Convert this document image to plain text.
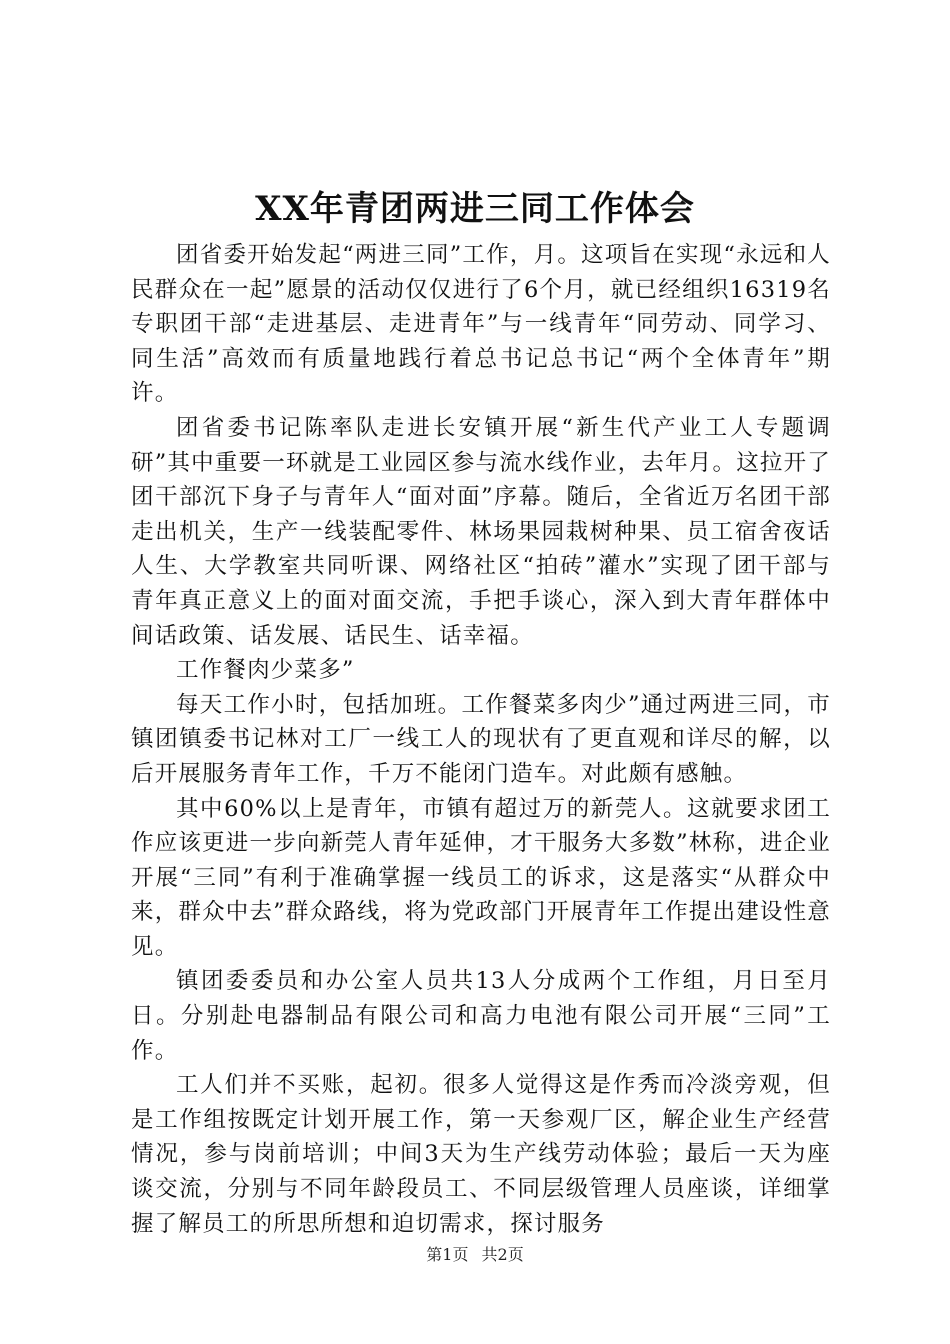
XX年青团两进三同工作体会

团省委开始发起“两进三同”工作，月。这项旨在实现“永远和人民群众在一起”愿景的活动仅仅进行了6个月，就已经组织16319名专职团干部“走进基层、走进青年”与一线青年“同劳动、同学习、同生活”高效而有质量地践行着总书记总书记“两个全体青年”期许。

团省委书记陈率队走进长安镇开展“新生代产业工人专题调研”其中重要一环就是工业园区参与流水线作业，去年月。这拉开了团干部沉下身子与青年人“面对面”序幕。随后，全省近万名团干部走出机关，生产一线装配零件、林场果园栽树种果、员工宿舍夜话人生、大学教室共同听课、网络社区“拍砖”灌水”实现了团干部与青年真正意义上的面对面交流，手把手谈心，深入到大青年群体中间话政策、话发展、话民生、话幸福。

工作餐肉少菜多”

每天工作小时，包括加班。工作餐菜多肉少”通过两进三同，市镇团镇委书记林对工厂一线工人的现状有了更直观和详尽的解，以后开展服务青年工作，千万不能闭门造车。对此颇有感触。

其中60%以上是青年，市镇有超过万的新莞人。这就要求团工作应该更进一步向新莞人青年延伸，才干服务大多数”林称，进企业开展“三同”有利于准确掌握一线员工的诉求，这是落实“从群众中来，群众中去”群众路线，将为党政部门开展青年工作提出建设性意见。

镇团委委员和办公室人员共13人分成两个工作组，月日至月日。分别赴电器制品有限公司和高力电池有限公司开展“三同”工作。

工人们并不买账，起初。很多人觉得这是作秀而冷淡旁观，但是工作组按既定计划开展工作，第一天参观厂区，解企业生产经营情况，参与岗前培训；中间3天为生产线劳动体验；最后一天为座谈交流，分别与不同年龄段员工、不同层级管理人员座谈，详细掌握了解员工的所思所想和迫切需求，探讨服务

第1页 共2页
